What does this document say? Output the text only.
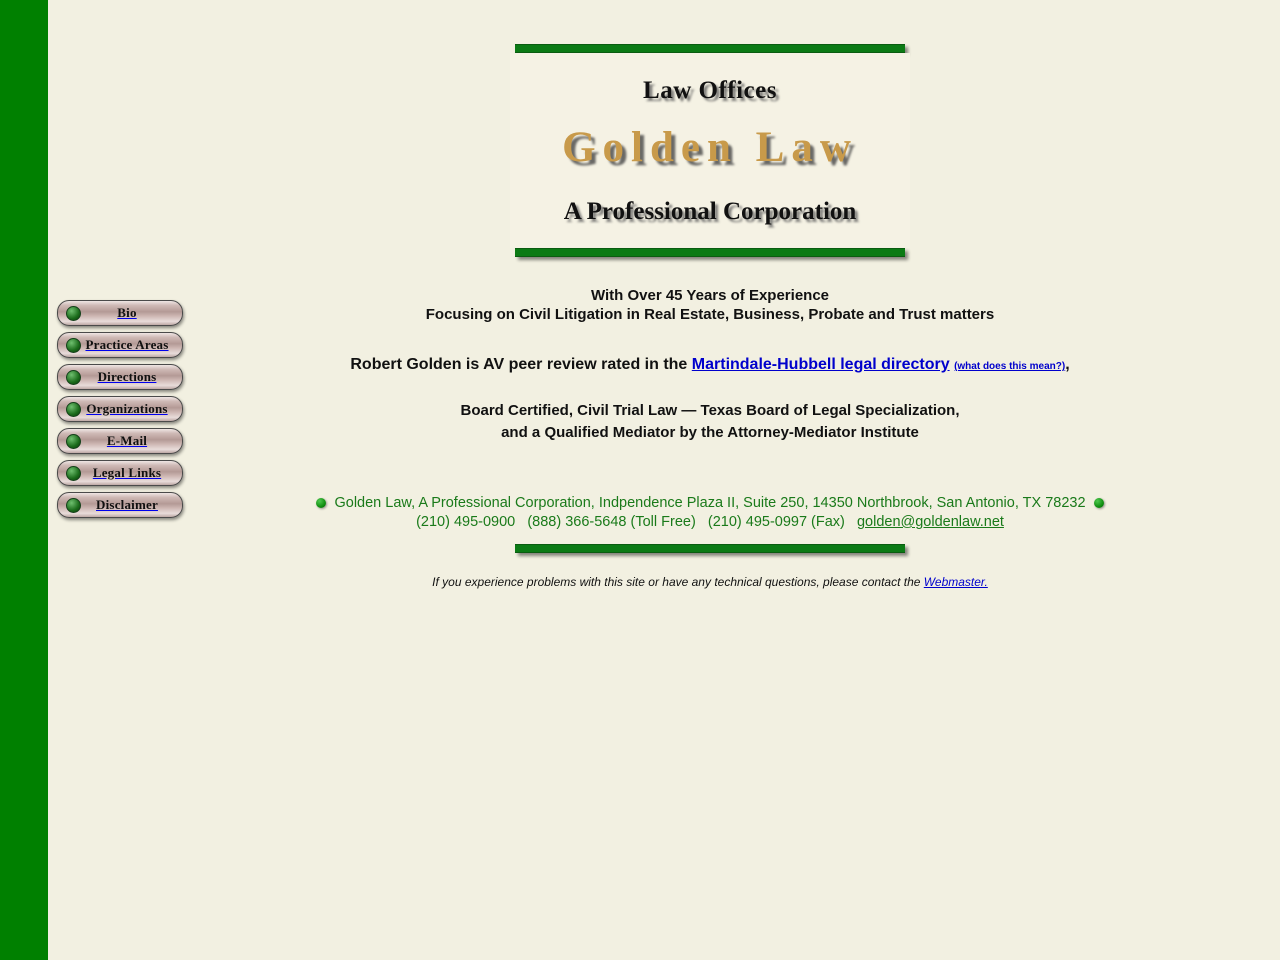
Bio
Practice Areas
Directions
Organizations
E-Mail
Legal Links
Disclaimer
Law Offices
Golden Law
A Professional Corporation

With Over 45 Years of Experience
Focusing on Civil Litigation in Real Estate, Business, Probate and Trust matters

Robert Golden is AV peer review rated in the Martindale-Hubbell legal directory (what does this mean?),

Board Certified, Civil Trial Law — Texas Board of Legal Specialization,
and a Qualified Mediator by the Attorney-Mediator Institute

Golden Law, A Professional Corporation, Indpendence Plaza II, Suite 250, 14350 Northbrook, San Antonio, TX 78232
(210) 495-0900 (888) 366-5648 (Toll Free) (210) 495-0997 (Fax) golden@goldenlaw.net

If you experience problems with this site or have any technical questions, please contact the Webmaster.
